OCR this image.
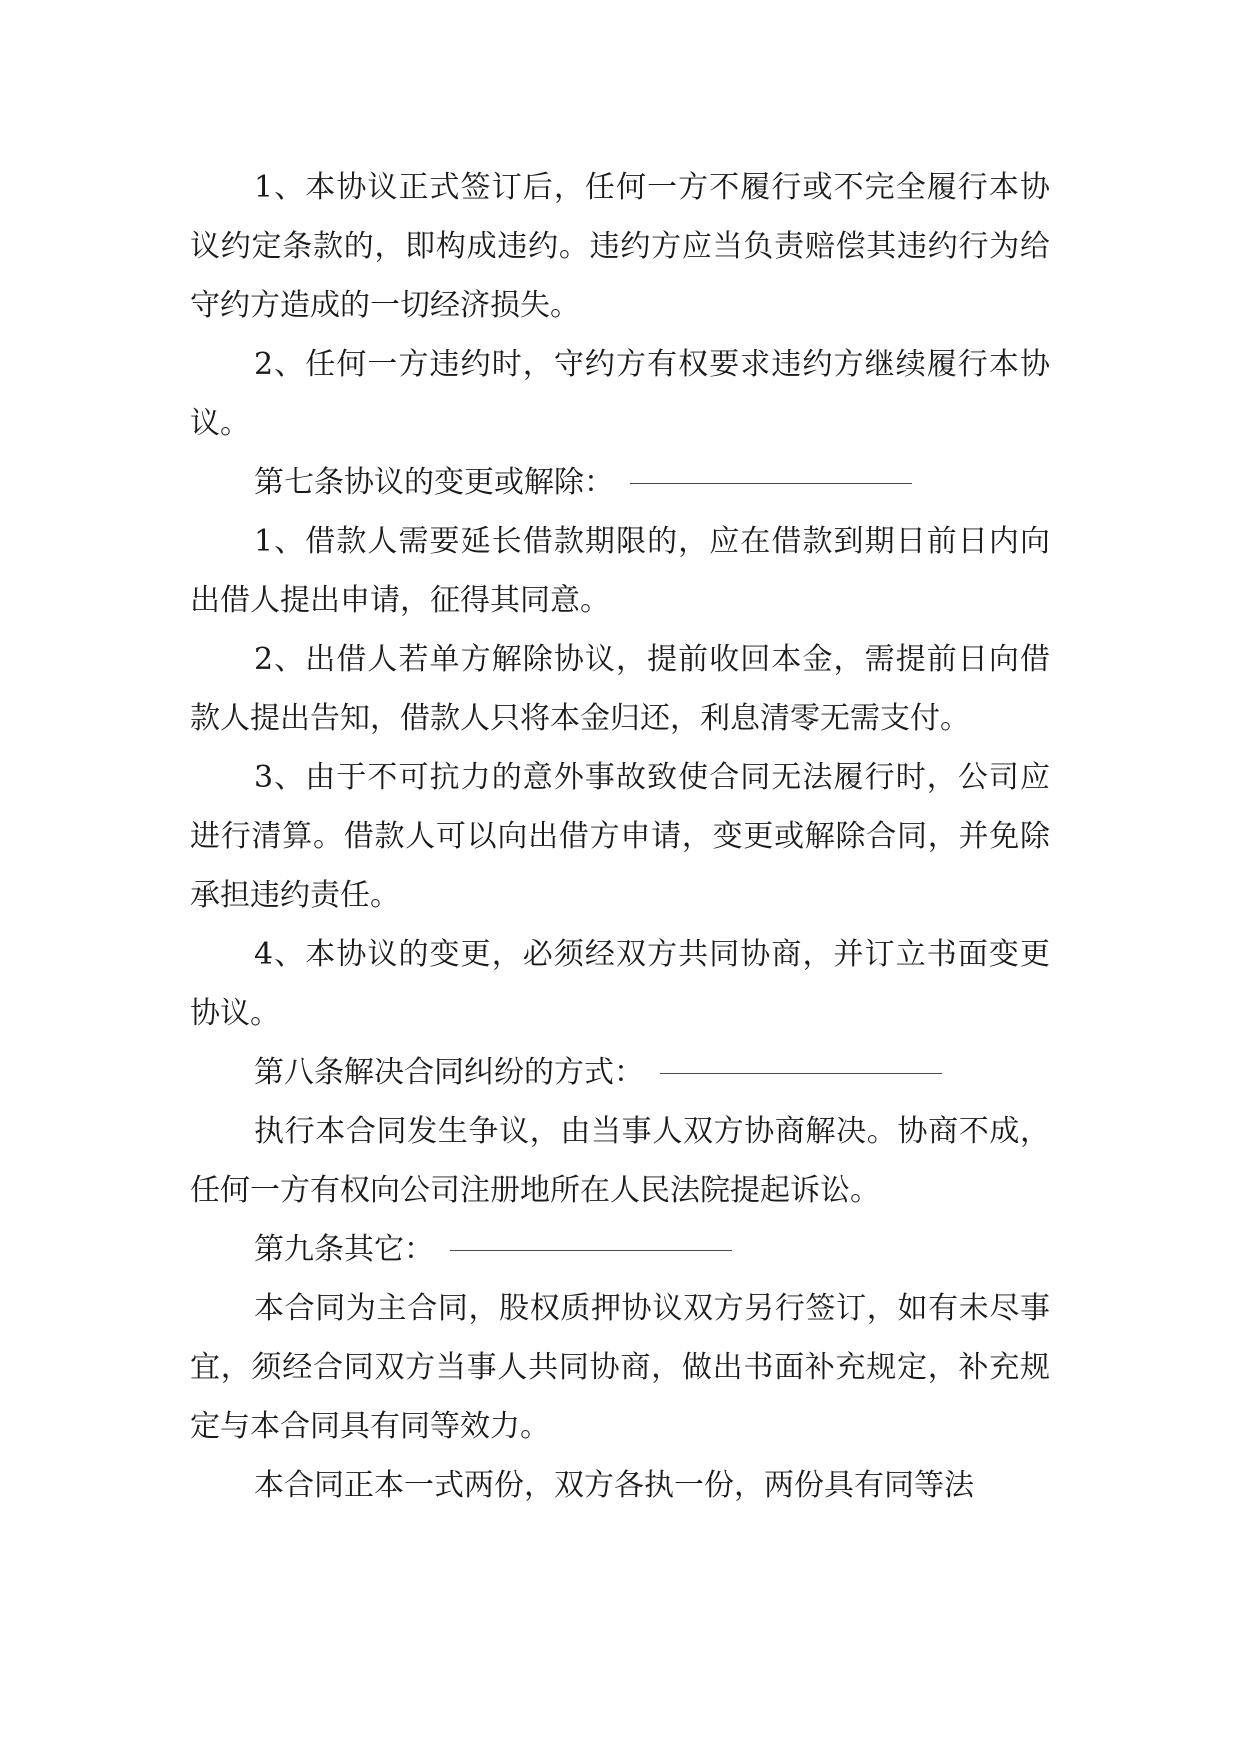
1、本协议正式签订后，任何一方不履行或不完全履行本协议约定条款的，即构成违约。违约方应当负责赔偿其违约行为给守约方造成的一切经济损失。

2、任何一方违约时，守约方有权要求违约方继续履行本协议。

第七条协议的变更或解除：

1、借款人需要延长借款期限的，应在借款到期日前日内向出借人提出申请，征得其同意。

2、出借人若单方解除协议，提前收回本金，需提前日向借款人提出告知，借款人只将本金归还，利息清零无需支付。

3、由于不可抗力的意外事故致使合同无法履行时，公司应进行清算。借款人可以向出借方申请，变更或解除合同，并免除承担违约责任。

4、本协议的变更，必须经双方共同协商，并订立书面变更协议。

第八条解决合同纠纷的方式：

执行本合同发生争议，由当事人双方协商解决。协商不成，任何一方有权向公司注册地所在人民法院提起诉讼。

第九条其它：

本合同为主合同，股权质押协议双方另行签订，如有未尽事宜，须经合同双方当事人共同协商，做出书面补充规定，补充规定与本合同具有同等效力。

本合同正本一式两份，双方各执一份，两份具有同等法
